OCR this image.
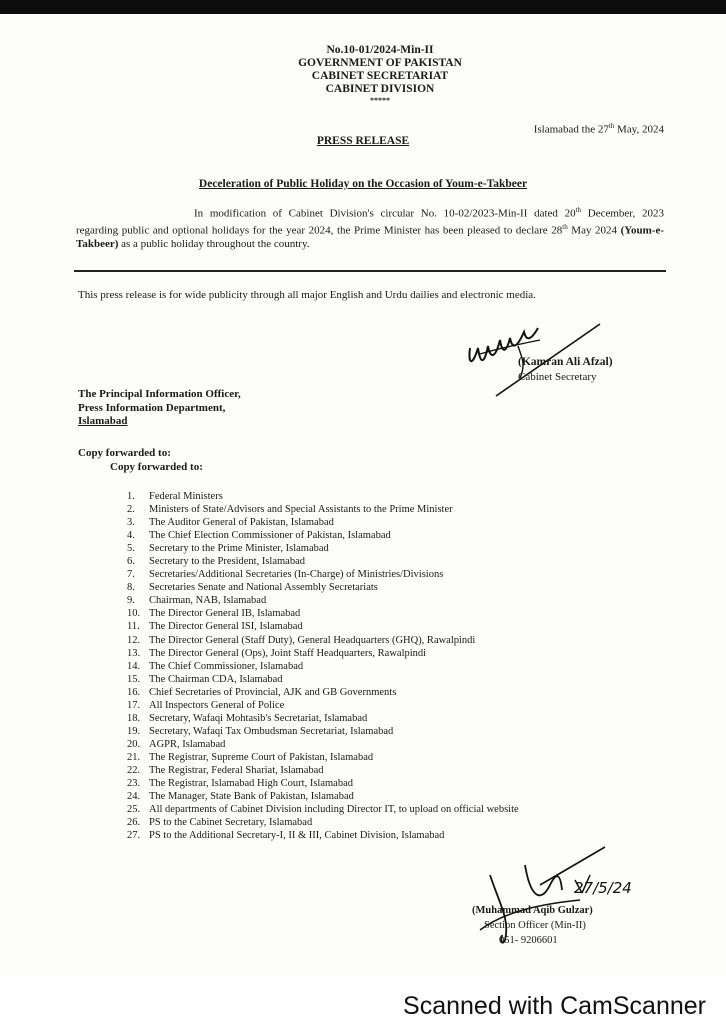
No.10-01/2024-Min-II
GOVERNMENT OF PAKISTAN
CABINET SECRETARIAT
CABINET DIVISION
*****
Islamabad the 27th May, 2024
PRESS RELEASE
Deceleration of Public Holiday on the Occasion of Youm-e-Takbeer
In modification of Cabinet Division's circular No. 10-02/2023-Min-II dated 20th December, 2023 regarding public and optional holidays for the year 2024, the Prime Minister has been pleased to declare 28th May 2024 (Youm-e-Takbeer) as a public holiday throughout the country.
This press release is for wide publicity through all major English and Urdu dailies and electronic media.
(Kamran Ali Afzal)
Cabinet Secretary
The Principal Information Officer,
Press Information Department,
Islamabad
Copy forwarded to:
Copy forwarded to:
1. Federal Ministers
2. Ministers of State/Advisors and Special Assistants to the Prime Minister
3. The Auditor General of Pakistan, Islamabad
4. The Chief Election Commissioner of Pakistan, Islamabad
5. Secretary to the Prime Minister, Islamabad
6. Secretary to the President, Islamabad
7. Secretaries/Additional Secretaries (In-Charge) of Ministries/Divisions
8. Secretaries Senate and National Assembly Secretariats
9. Chairman, NAB, Islamabad
10. The Director General IB, Islamabad
11. The Director General ISI, Islamabad
12. The Director General (Staff Duty), General Headquarters (GHQ), Rawalpindi
13. The Director General (Ops), Joint Staff Headquarters, Rawalpindi
14. The Chief Commissioner, Islamabad
15. The Chairman CDA, Islamabad
16. Chief Secretaries of Provincial, AJK and GB Governments
17. All Inspectors General of Police
18. Secretary, Wafaqi Mohtasib's Secretariat, Islamabad
19. Secretary, Wafaqi Tax Ombudsman Secretariat, Islamabad
20. AGPR, Islamabad
21. The Registrar, Supreme Court of Pakistan, Islamabad
22. The Registrar, Federal Shariat, Islamabad
23. The Registrar, Islamabad High Court, Islamabad
24. The Manager, State Bank of Pakistan, Islamabad
25. All departments of Cabinet Division including Director IT, to upload on official website
26. PS to the Cabinet Secretary, Islamabad
27. PS to the Additional Secretary-I, II & III, Cabinet Division, Islamabad
27/5/24
(Muhammad Aqib Gulzar)
Section Officer (Min-II)
051- 9206601
Scanned with CamScanner
